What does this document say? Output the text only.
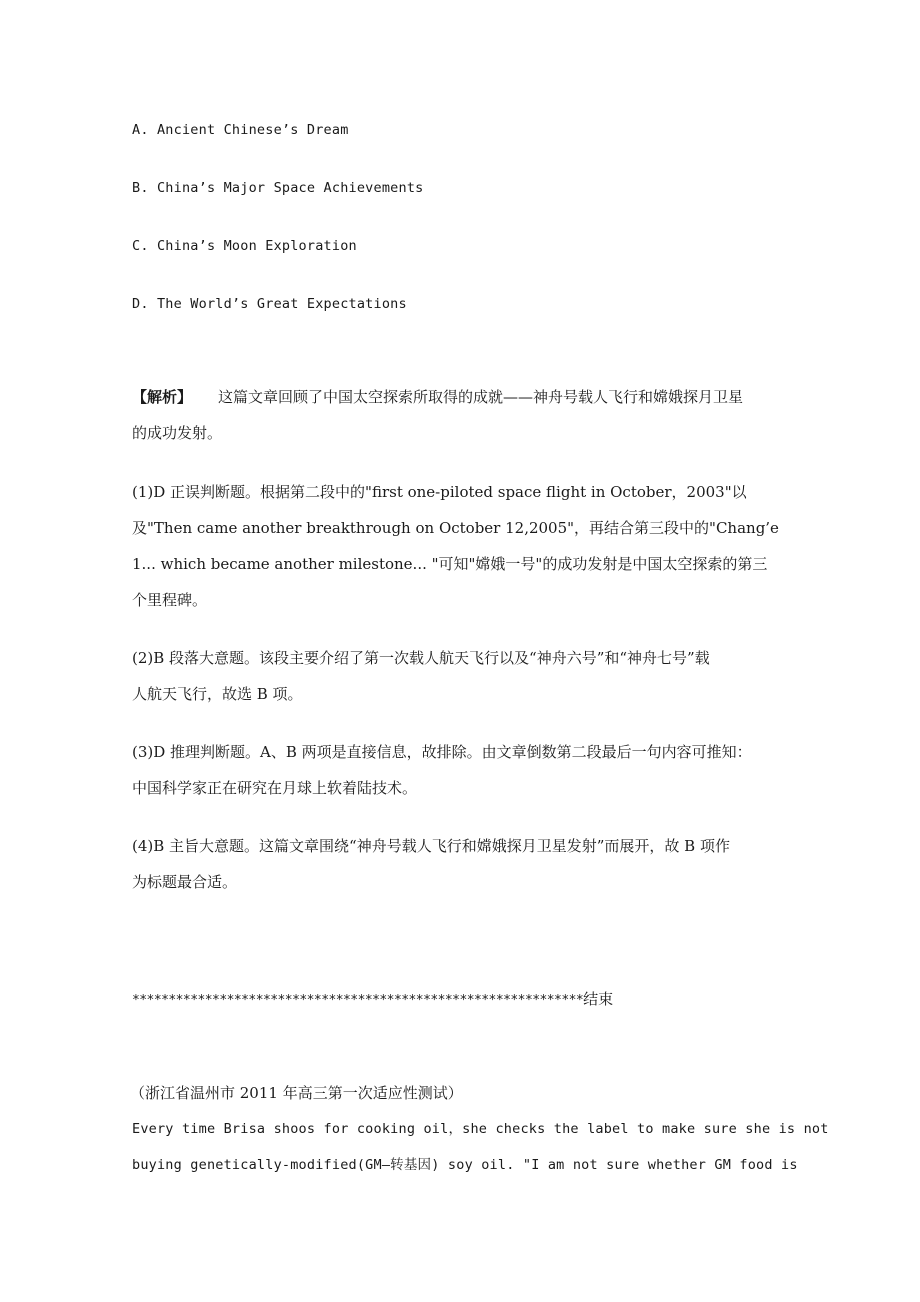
A. Ancient Chinese’s Dream
B. China’s Major Space Achievements
C. China’s Moon Exploration
D. The World’s Great Expectations
【解析】 这篇文章回顾了中国太空探索所取得的成就——神舟号载人飞行和嫦娥探月卫星
的成功发射。
(1)D 正误判断题。根据第二段中的"first one-piloted space flight in October，2003"以
及"Then came another breakthrough on October 12,2005"，再结合第三段中的"Chang’e
1... which became another milestone... "可知"嫦娥一号"的成功发射是中国太空探索的第三
个里程碑。
(2)B 段落大意题。该段主要介绍了第一次载人航天飞行以及“神舟六号”和“神舟七号”载
人航天飞行，故选 B 项。
(3)D 推理判断题。A、B 两项是直接信息，故排除。由文章倒数第二段最后一句内容可推知：
中国科学家正在研究在月球上软着陆技术。
(4)B 主旨大意题。这篇文章围绕“神舟号载人飞行和嫦娥探月卫星发射”而展开，故 B 项作
为标题最合适。
**************************************************************结束
（浙江省温州市 2011 年高三第一次适应性测试）
Every time Brisa shoos for cooking oil，she checks the label to make sure she is not
buying genetically-modified(GM—转基因) soy oil. "I am not sure whether GM food is
